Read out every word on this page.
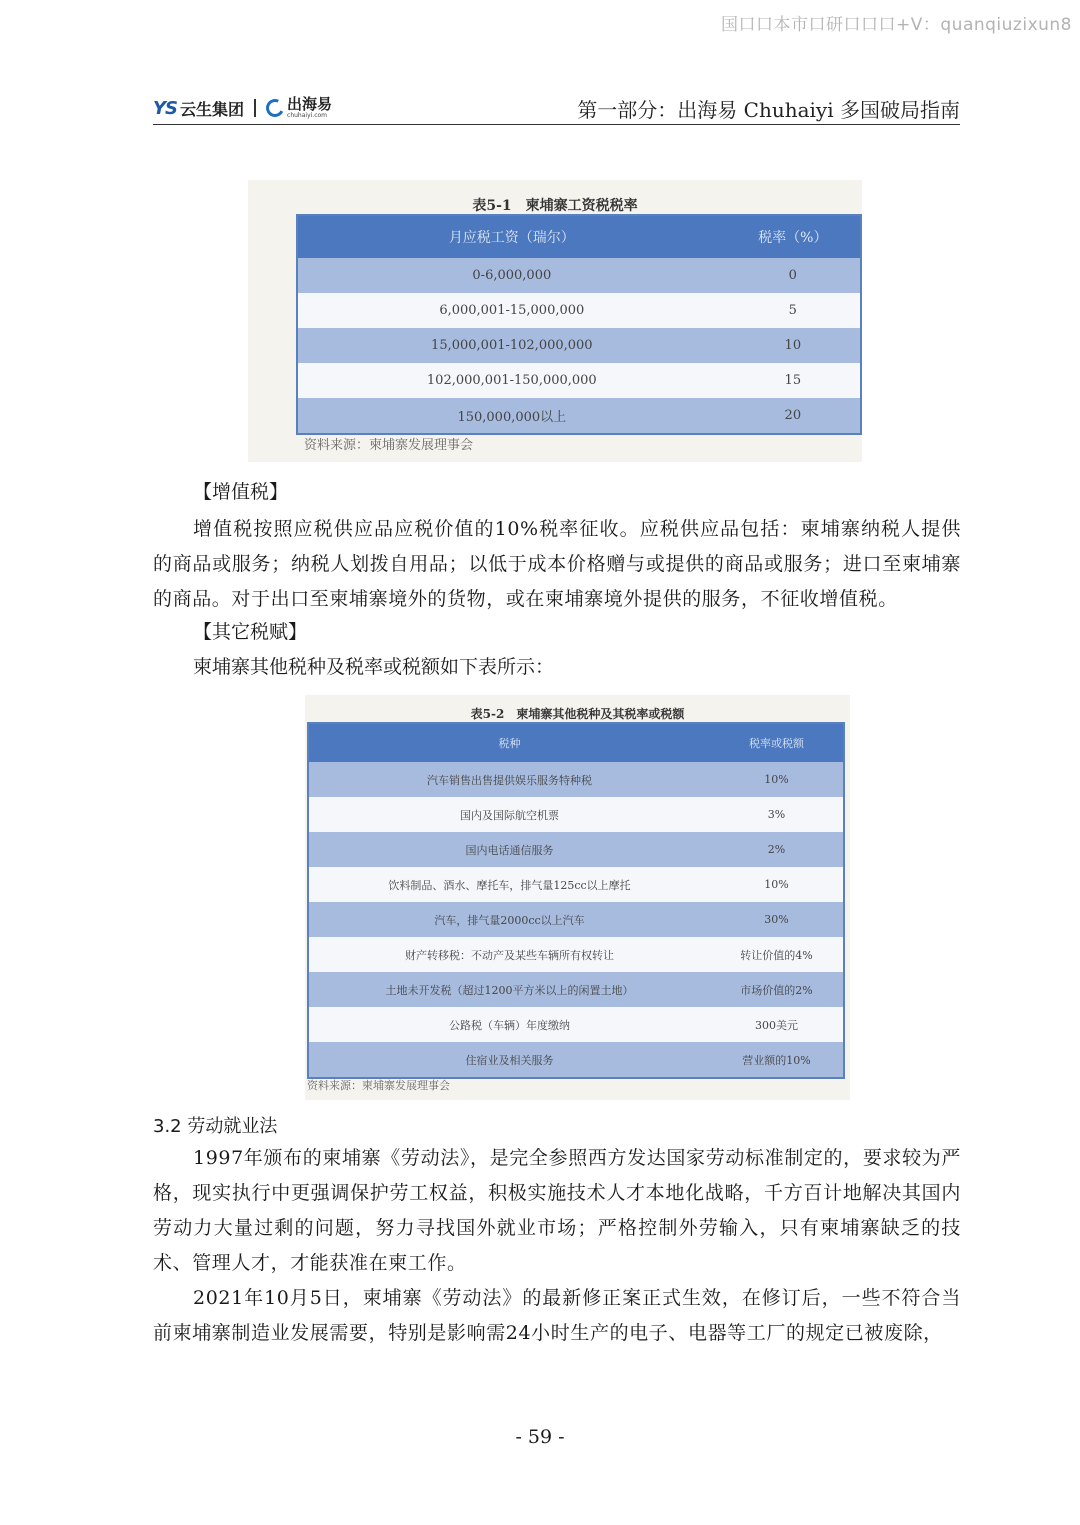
国口口本市口研口口口+V：quanqiuzixun8
YS 云生集团	出海易
chuhaiyi.com	第一部分：出海易 Chuhaiyi 多国破局指南
表5-1　柬埔寨工资税税率
月应税工资（瑞尔）	税率（%）
0-6,000,000	0
6,000,001-15,000,000	5
15,000,001-102,000,000	10
102,000,001-150,000,000	15
150,000,000以上	20
资料来源：柬埔寨发展理事会
【增值税】
增值税按照应税供应品应税价值的10%税率征收。应税供应品包括：柬埔寨纳税人提供的商品或服务；纳税人划拨自用品；以低于成本价格赠与或提供的商品或服务；进口至柬埔寨的商品。对于出口至柬埔寨境外的货物，或在柬埔寨境外提供的服务，不征收增值税。
【其它税赋】
柬埔寨其他税种及税率或税额如下表所示：
表5-2　柬埔寨其他税种及其税率或税额
税种	税率或税额
汽车销售出售提供娱乐服务特种税	10%
国内及国际航空机票	3%
国内电话通信服务	2%
饮料制品、酒水、摩托车，排气量125cc以上摩托	10%
汽车，排气量2000cc以上汽车	30%
财产转移税：不动产及某些车辆所有权转让	转让价值的4%
土地未开发税（超过1200平方米以上的闲置土地）	市场价值的2%
公路税（车辆）年度缴纳	300美元
住宿业及相关服务	营业额的10%
资料来源：柬埔寨发展理事会
3.2 劳动就业法
1997年颁布的柬埔寨《劳动法》，是完全参照西方发达国家劳动标准制定的，要求较为严格，现实执行中更强调保护劳工权益，积极实施技术人才本地化战略，千方百计地解决其国内劳动力大量过剩的问题，努力寻找国外就业市场；严格控制外劳输入，只有柬埔寨缺乏的技术、管理人才，才能获准在柬工作。
2021年10月5日，柬埔寨《劳动法》的最新修正案正式生效，在修订后，一些不符合当前柬埔寨制造业发展需要，特别是影响需24小时生产的电子、电器等工厂的规定已被废除，
- 59 -
